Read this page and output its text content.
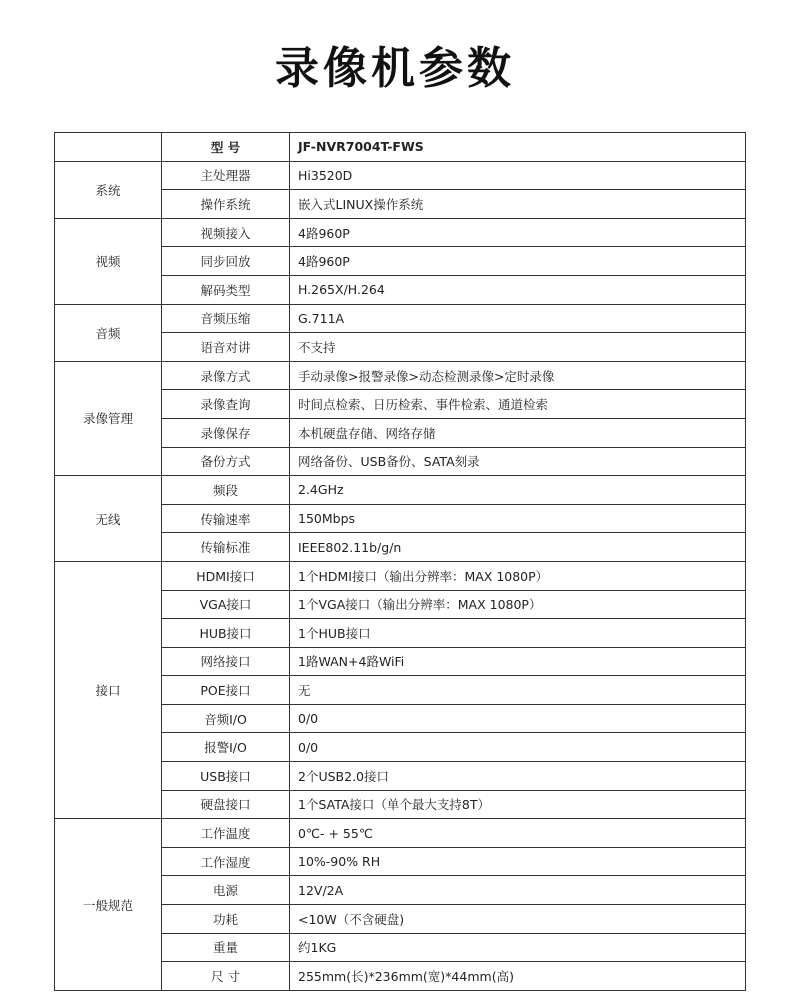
录像机参数
	型 号	JF-NVR7004T-FWS
系统	主处理器	Hi3520D
	操作系统	嵌入式LINUX操作系统
视频	视频接入	4路960P
	同步回放	4路960P
	解码类型	H.265X/H.264
音频	音频压缩	G.711A
	语音对讲	不支持
录像管理	录像方式	手动录像>报警录像>动态检测录像>定时录像
	录像查询	时间点检索、日历检索、事件检索、通道检索
	录像保存	本机硬盘存储、网络存储
	备份方式	网络备份、USB备份、SATA刻录
无线	频段	2.4GHz
	传输速率	150Mbps
	传输标准	IEEE802.11b/g/n
接口	HDMI接口	1个HDMI接口（输出分辨率：MAX 1080P）
	VGA接口	1个VGA接口（输出分辨率：MAX 1080P）
	HUB接口	1个HUB接口
	网络接口	1路WAN+4路WiFi
	POE接口	无
	音频I/O	0/0
	报警I/O	0/0
	USB接口	2个USB2.0接口
	硬盘接口	1个SATA接口（单个最大支持8T）
一般规范	工作温度	0℃- + 55℃
	工作湿度	10%-90% RH
	电源	12V/2A
	功耗	<10W（不含硬盘)
	重量	约1KG
	尺 寸	255mm(长)*236mm(宽)*44mm(高)
